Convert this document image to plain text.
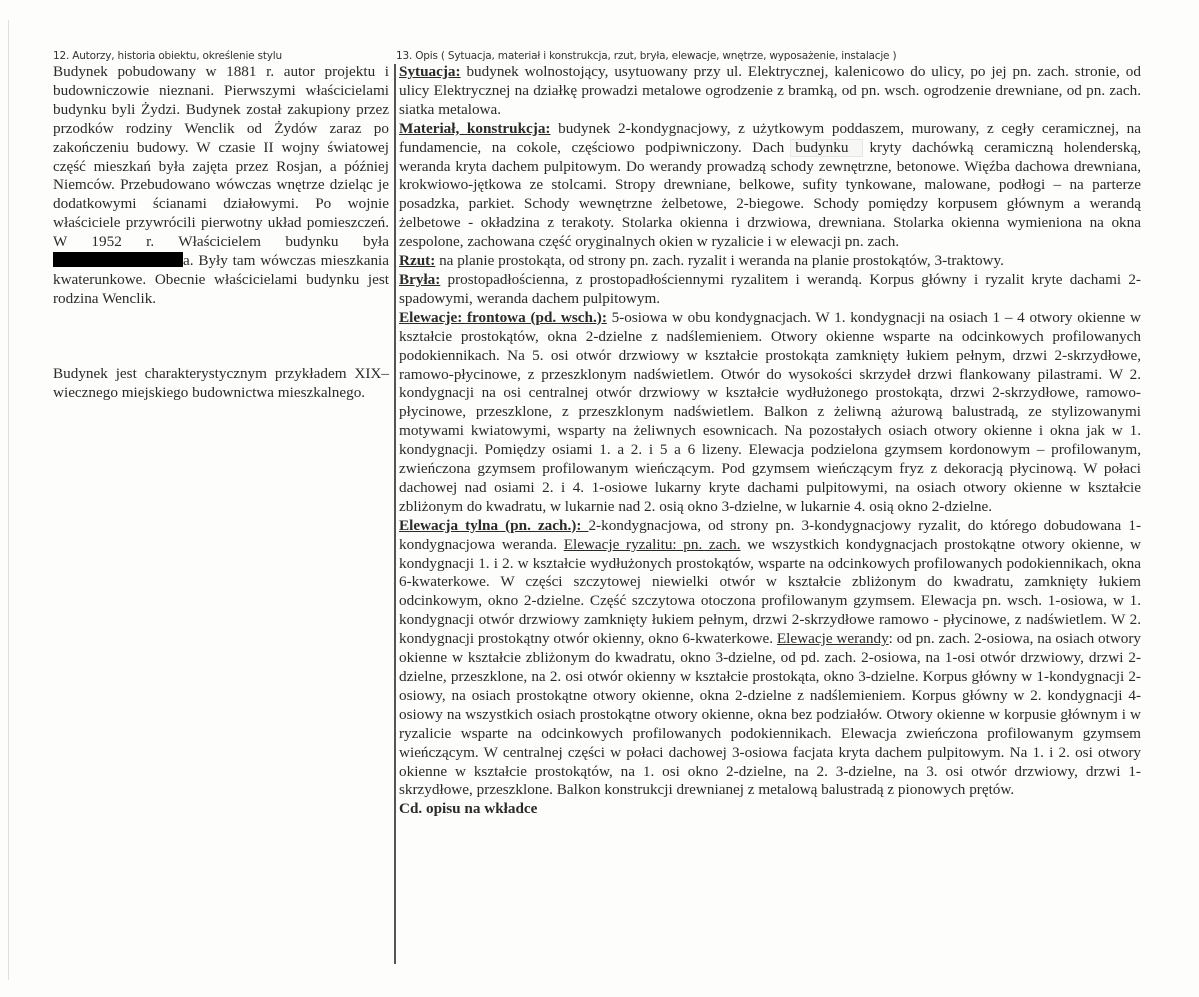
12. Autorzy, historia obiektu, określenie stylu	13. Opis ( Sytuacja, materiał i konstrukcja, rzut, bryła, elewacje, wnętrze, wyposażenie, instalacje )

Budynek pobudowany w 1881 r. autor projektu i budowniczowie nieznani. Pierwszymi właścicielami budynku byli Żydzi. Budynek został zakupiony przez przodków rodziny Wenclik od Żydów zaraz po zakończeniu budowy. W czasie II wojny światowej część mieszkań była zajęta przez Rosjan, a później Niemców. Przebudowano wówczas wnętrze dzieląc je dodatkowymi ścianami działowymi. Po wojnie właściciele przywrócili pierwotny układ pomieszczeń. W 1952 r. Właścicielem budynku była a. Były tam wówczas mieszkania kwaterunkowe. Obecnie właścicielami budynku jest rodzina Wenclik.

Budynek jest charakterystycznym przykładem XIX– wiecznego miejskiego budownictwa mieszkalnego.

Sytuacja: budynek wolnostojący, usytuowany przy ul. Elektrycznej, kalenicowo do ulicy, po jej pn. zach. stronie, od ulicy Elektrycznej na działkę prowadzi metalowe ogrodzenie z bramką, od pn. wsch. ogrodzenie drewniane, od pn. zach. siatka metalowa.

Materiał, konstrukcja: budynek 2-kondygnacjowy, z użytkowym poddaszem, murowany, z cegły ceramicznej, na fundamencie, na cokole, częściowo podpiwniczony. Dach budynku kryty dachówką ceramiczną holenderską, weranda kryta dachem pulpitowym. Do werandy prowadzą schody zewnętrzne, betonowe. Więźba dachowa drewniana, krokwiowo-jętkowa ze stolcami. Stropy drewniane, belkowe, sufity tynkowane, malowane, podłogi – na parterze posadzka, parkiet. Schody wewnętrzne żelbetowe, 2-biegowe. Schody pomiędzy korpusem głównym a werandą żelbetowe - okładzina z terakoty. Stolarka okienna i drzwiowa, drewniana. Stolarka okienna wymieniona na okna zespolone, zachowana część oryginalnych okien w ryzalicie i w elewacji pn. zach.

Rzut: na planie prostokąta, od strony pn. zach. ryzalit i weranda na planie prostokątów, 3-traktowy.

Bryła: prostopadłościenna, z prostopadłościennymi ryzalitem i werandą. Korpus główny i ryzalit kryte dachami 2-spadowymi, weranda dachem pulpitowym.

Elewacje: frontowa (pd. wsch.): 5-osiowa w obu kondygnacjach. W 1. kondygnacji na osiach 1 – 4 otwory okienne w kształcie prostokątów, okna 2-dzielne z nadślemieniem. Otwory okienne wsparte na odcinkowych profilowanych podokiennikach. Na 5. osi otwór drzwiowy w kształcie prostokąta zamknięty łukiem pełnym, drzwi 2-skrzydłowe, ramowo-płycinowe, z przeszklonym nadświetlem. Otwór do wysokości skrzydeł drzwi flankowany pilastrami. W 2. kondygnacji na osi centralnej otwór drzwiowy w kształcie wydłużonego prostokąta, drzwi 2-skrzydłowe, ramowo-płycinowe, przeszklone, z przeszklonym nadświetlem. Balkon z żeliwną ażurową balustradą, ze stylizowanymi motywami kwiatowymi, wsparty na żeliwnych esownicach. Na pozostałych osiach otwory okienne i okna jak w 1. kondygnacji. Pomiędzy osiami 1. a 2. i 5 a 6 lizeny. Elewacja podzielona gzymsem kordonowym – profilowanym, zwieńczona gzymsem profilowanym wieńczącym. Pod gzymsem wieńczącym fryz z dekoracją płycinową. W połaci dachowej nad osiami 2. i 4. 1-osiowe lukarny kryte dachami pulpitowymi, na osiach otwory okienne w kształcie zbliżonym do kwadratu, w lukarnie nad 2. osią okno 3-dzielne, w lukarnie 4. osią okno 2-dzielne.

Elewacja tylna (pn. zach.): 2-kondygnacjowa, od strony pn. 3-kondygnacjowy ryzalit, do którego dobudowana 1-kondygnacjowa weranda. Elewacje ryzalitu: pn. zach. we wszystkich kondygnacjach prostokątne otwory okienne, w kondygnacji 1. i 2. w kształcie wydłużonych prostokątów, wsparte na odcinkowych profilowanych podokiennikach, okna 6-kwaterkowe. W części szczytowej niewielki otwór w kształcie zbliżonym do kwadratu, zamknięty łukiem odcinkowym, okno 2-dzielne. Część szczytowa otoczona profilowanym gzymsem. Elewacja pn. wsch. 1-osiowa, w 1. kondygnacji otwór drzwiowy zamknięty łukiem pełnym, drzwi 2-skrzydłowe ramowo - płycinowe, z nadświetlem. W 2. kondygnacji prostokątny otwór okienny, okno 6-kwaterkowe. Elewacje werandy: od pn. zach. 2-osiowa, na osiach otwory okienne w kształcie zbliżonym do kwadratu, okno 3-dzielne, od pd. zach. 2-osiowa, na 1-osi otwór drzwiowy, drzwi 2-dzielne, przeszklone, na 2. osi otwór okienny w kształcie prostokąta, okno 3-dzielne. Korpus główny w 1-kondygnacji 2-osiowy, na osiach prostokątne otwory okienne, okna 2-dzielne z nadślemieniem. Korpus główny w 2. kondygnacji 4-osiowy na wszystkich osiach prostokątne otwory okienne, okna bez podziałów. Otwory okienne w korpusie głównym i w ryzalicie wsparte na odcinkowych profilowanych podokiennikach. Elewacja zwieńczona profilowanym gzymsem wieńczącym. W centralnej części w połaci dachowej 3-osiowa facjata kryta dachem pulpitowym. Na 1. i 2. osi otwory okienne w kształcie prostokątów, na 1. osi okno 2-dzielne, na 2. 3-dzielne, na 3. osi otwór drzwiowy, drzwi 1-skrzydłowe, przeszklone. Balkon konstrukcji drewnianej z metalową balustradą z pionowych prętów.

Cd. opisu na wkładce
